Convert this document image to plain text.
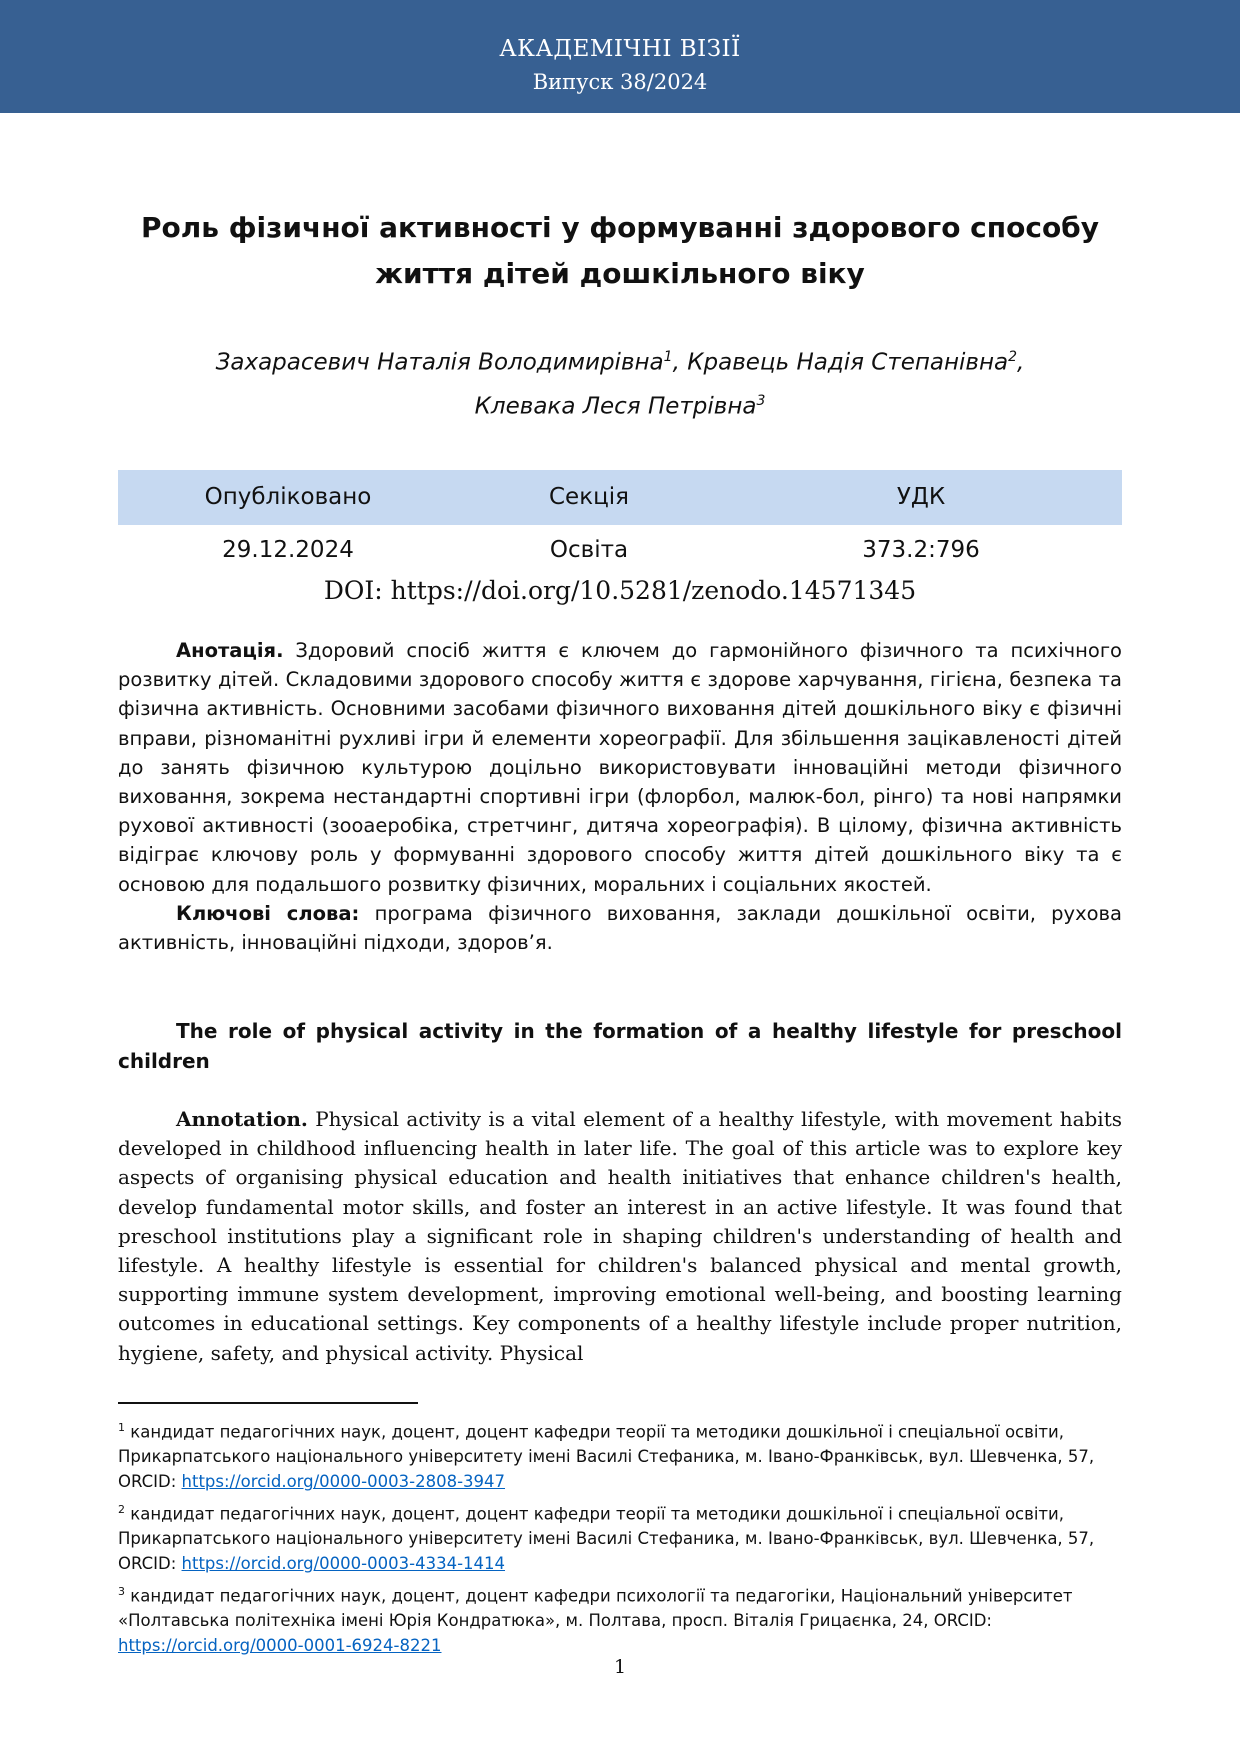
АКАДЕМІЧНІ ВІЗІЇ
Випуск 38/2024
Роль фізичної активності у формуванні здорового способу життя дітей дошкільного віку
Захарасевич Наталія Володимирівна$^1$, Кравець Надія Степанівна$^2$,
Клевака Леся Петрівна$^3$
Опубліковано	Секція	УДК
29.12.2024	Освіта	373.2:796
DOI: https://doi.org/10.5281/zenodo.14571345

Анотація. Здоровий спосіб життя є ключем до гармонійного фізичного та психічного розвитку дітей. Складовими здорового способу життя є здорове харчування, гігієна, безпека та фізична активність. Основними засобами фізичного виховання дітей дошкільного віку є фізичні вправи, різноманітні рухливі ігри й елементи хореографії. Для збільшення зацікавленості дітей до занять фізичною культурою доцільно використовувати інноваційні методи фізичного виховання, зокрема нестандартні спортивні ігри (флорбол, малюк-бол, рінго) та нові напрямки рухової активності (зооаеробіка, стретчинг, дитяча хореографія). В цілому, фізична активність відіграє ключову роль у формуванні здорового способу життя дітей дошкільного віку та є основою для подальшого розвитку фізичних, моральних і соціальних якостей.

Ключові слова: програма фізичного виховання, заклади дошкільної освіти, рухова активність, інноваційні підходи, здоров’я.

The role of physical activity in the formation of a healthy lifestyle for preschool children

Annotation. Physical activity is a vital element of a healthy lifestyle, with movement habits developed in childhood influencing health in later life. The goal of this article was to explore key aspects of organising physical education and health initiatives that enhance children's health, develop fundamental motor skills, and foster an interest in an active lifestyle. It was found that preschool institutions play a significant role in shaping children's understanding of health and lifestyle. A healthy lifestyle is essential for children's balanced physical and mental growth, supporting immune system development, improving emotional well-being, and boosting learning outcomes in educational settings. Key components of a healthy lifestyle include proper nutrition, hygiene, safety, and physical activity. Physical

$^1$ кандидат педагогічних наук, доцент, доцент кафедри теорії та методики дошкільної і спеціальної освіти, Прикарпатського національного університету імені Василі Стефаника, м. Івано-Франківськ, вул. Шевченка, 57, ORCID: https://orcid.org/0000-0003-2808-3947

$^2$ кандидат педагогічних наук, доцент, доцент кафедри теорії та методики дошкільної і спеціальної освіти, Прикарпатського національного університету імені Василі Стефаника, м. Івано-Франківськ, вул. Шевченка, 57, ORCID: https://orcid.org/0000-0003-4334-1414

$^3$ кандидат педагогічних наук, доцент, доцент кафедри психології та педагогіки, Національний університет «Полтавська політехніка імені Юрія Кондратюка», м. Полтава, просп. Віталія Грицаєнка, 24, ORCID: https://orcid.org/0000-0001-6924-8221

1
